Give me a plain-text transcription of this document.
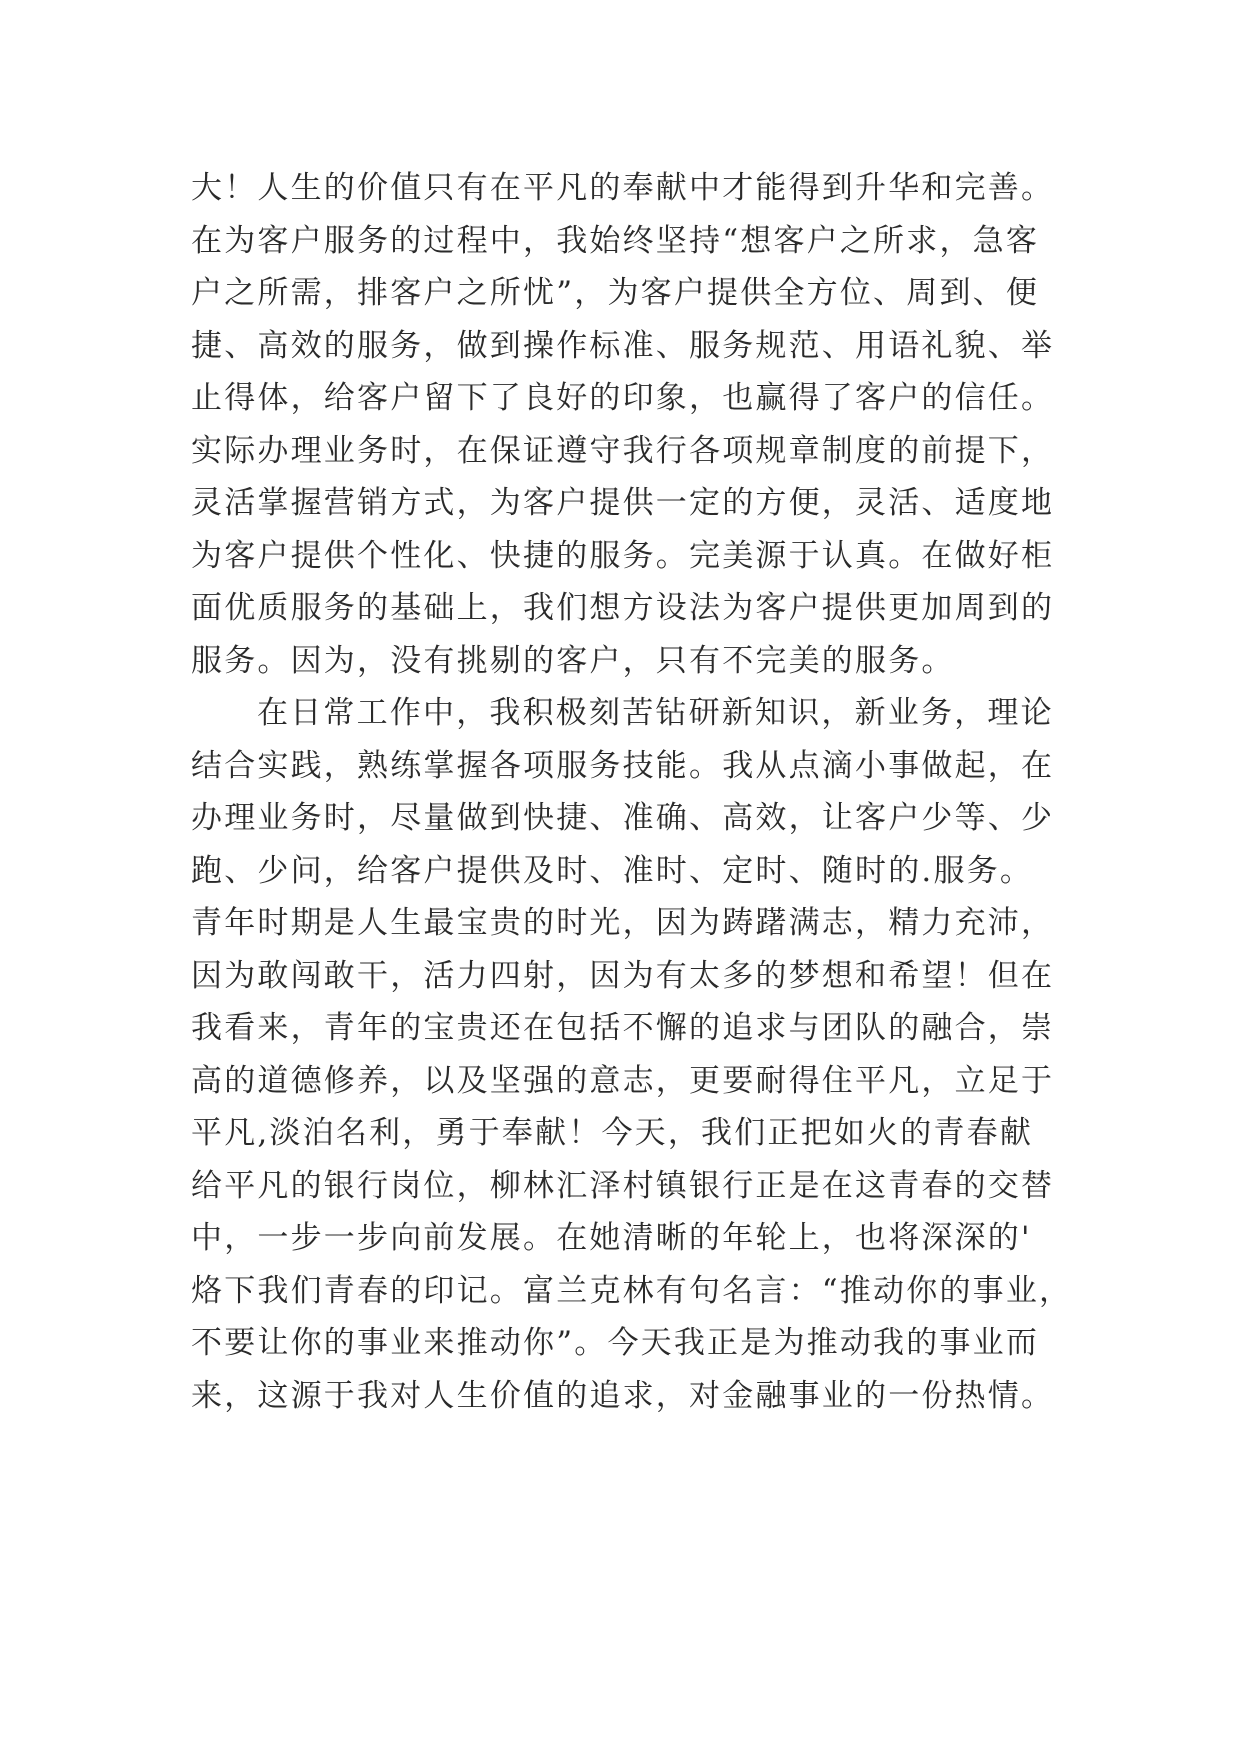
大！人生的价值只有在平凡的奉献中才能得到升华和完善。
在为客户服务的过程中，我始终坚持“想客户之所求，急客
户之所需，排客户之所忧”，为客户提供全方位、周到、便
捷、高效的服务，做到操作标准、服务规范、用语礼貌、举
止得体，给客户留下了良好的印象，也赢得了客户的信任。
实际办理业务时，在保证遵守我行各项规章制度的前提下，
灵活掌握营销方式，为客户提供一定的方便，灵活、适度地
为客户提供个性化、快捷的服务。完美源于认真。在做好柜
面优质服务的基础上，我们想方设法为客户提供更加周到的
服务。因为，没有挑剔的客户，只有不完美的服务。
在日常工作中，我积极刻苦钻研新知识，新业务，理论
结合实践，熟练掌握各项服务技能。我从点滴小事做起，在
办理业务时，尽量做到快捷、准确、高效，让客户少等、少
跑、少问，给客户提供及时、准时、定时、随时的.服务。
青年时期是人生最宝贵的时光，因为踌躇满志，精力充沛，
因为敢闯敢干，活力四射，因为有太多的梦想和希望！但在
我看来，青年的宝贵还在包括不懈的追求与团队的融合，崇
高的道德修养，以及坚强的意志，更要耐得住平凡，立足于
平凡,淡泊名利，勇于奉献！今天，我们正把如火的青春献
给平凡的银行岗位，柳林汇泽村镇银行正是在这青春的交替
中，一步一步向前发展。在她清晰的年轮上，也将深深的'
烙下我们青春的印记。富兰克林有句名言：“推动你的事业，
不要让你的事业来推动你”。今天我正是为推动我的事业而
来，这源于我对人生价值的追求，对金融事业的一份热情。
